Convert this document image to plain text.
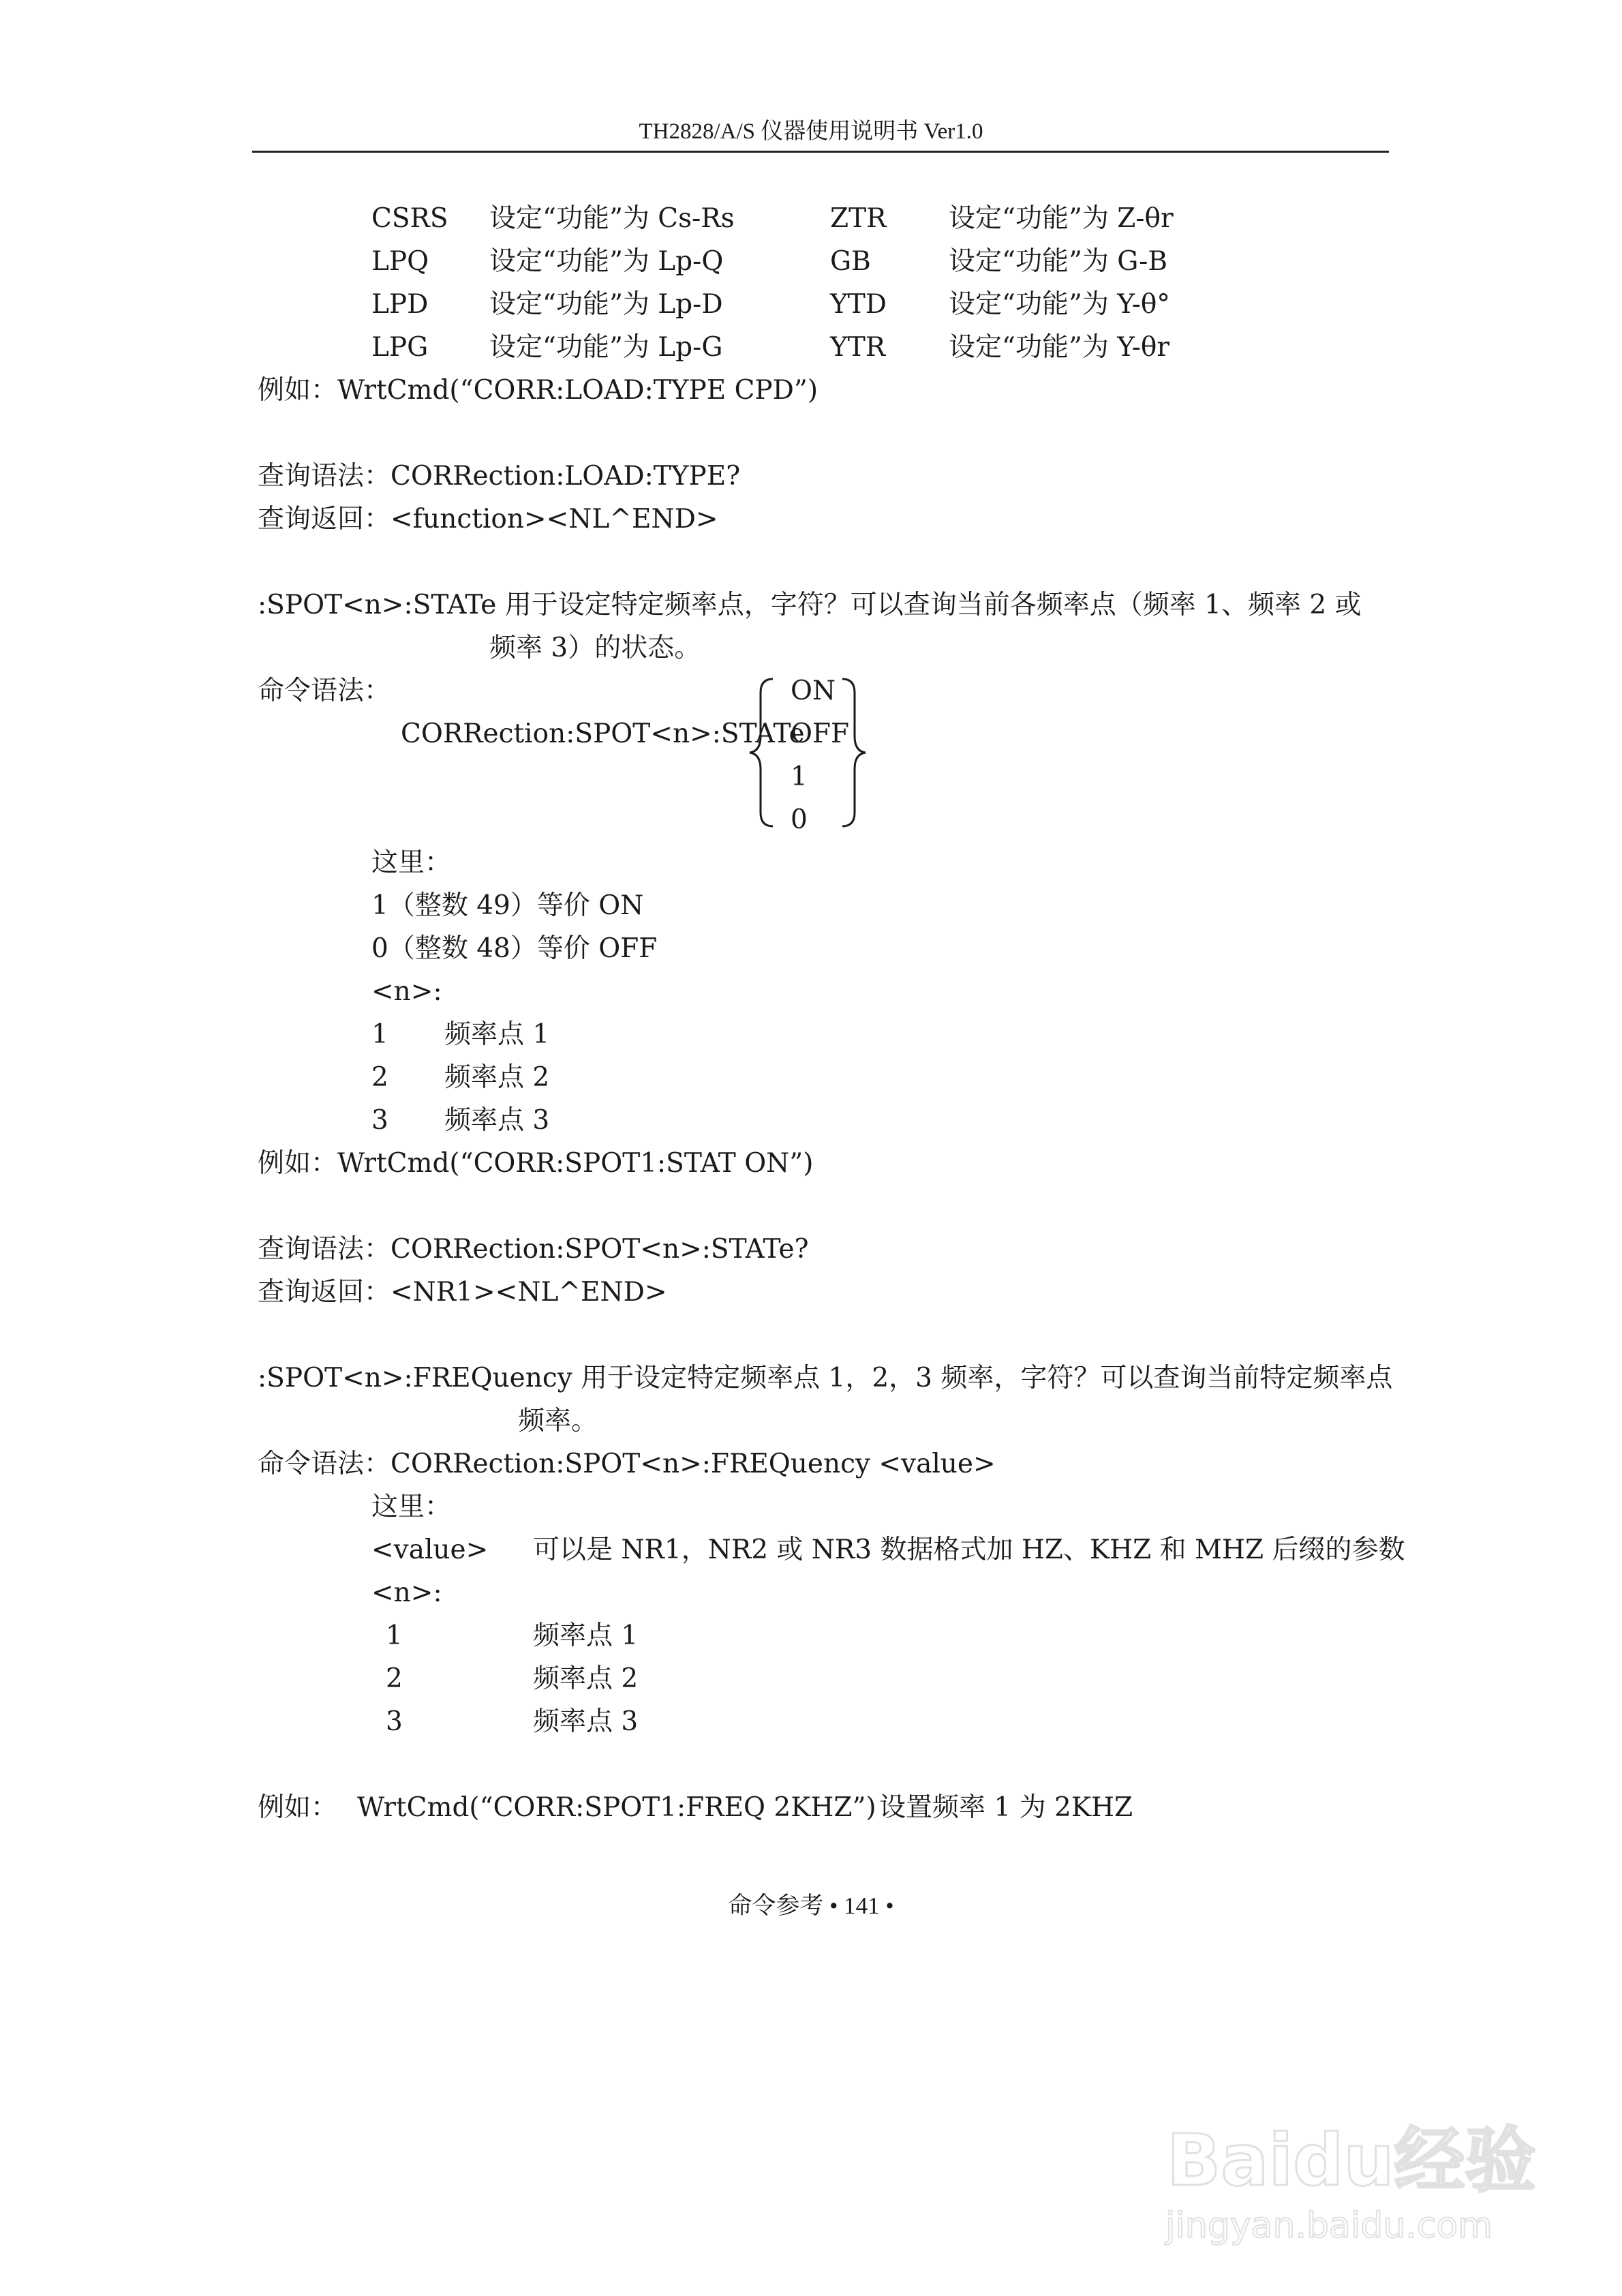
TH2828/A/S 仪器使用说明书 Ver1.0
CSRS 设定“功能”为 Cs-Rs	ZTR 设定“功能”为 Z-θr
LPQ 设定“功能”为 Lp-Q	GB	设定“功能”为 G-B
LPD 设定“功能”为 Lp-D	YTD 设定“功能”为 Y-θ°
LPG 设定“功能”为 Lp-G	YTR 设定“功能”为 Y-θr
例如：WrtCmd(“CORR:LOAD:TYPE CPD”)
查询语法：CORRection:LOAD:TYPE?
查询返回：<function><NL^END>
:SPOT<n>:STATe 用于设定特定频率点，字符？可以查询当前各频率点（频率 1、频率 2 或
频率 3）的状态。
命令语法：
CORRection:SPOT<n>:STATe
ON
OFF
1
0
这里：
1（整数 49）等价 ON
0（整数 48）等价 OFF
<n>:
1 频率点 1
2 频率点 2
3 频率点 3
例如：WrtCmd(“CORR:SPOT1:STAT ON”)
查询语法：CORRection:SPOT<n>:STATe?
查询返回：<NR1><NL^END>
:SPOT<n>:FREQuency 用于设定特定频率点 1，2，3 频率，字符？可以查询当前特定频率点
频率。
命令语法：CORRection:SPOT<n>:FREQuency <value>
这里：
<value> 可以是 NR1，NR2 或 NR3 数据格式加 HZ、KHZ 和 MHZ 后缀的参数
<n>:
1	频率点 1
2	频率点 2
3	频率点 3
例如： WrtCmd(“CORR:SPOT1:FREQ 2KHZ”) 设置频率 1 为 2KHZ
命令参考 • 141 •
Baidu经验
jingyan.baidu.com
